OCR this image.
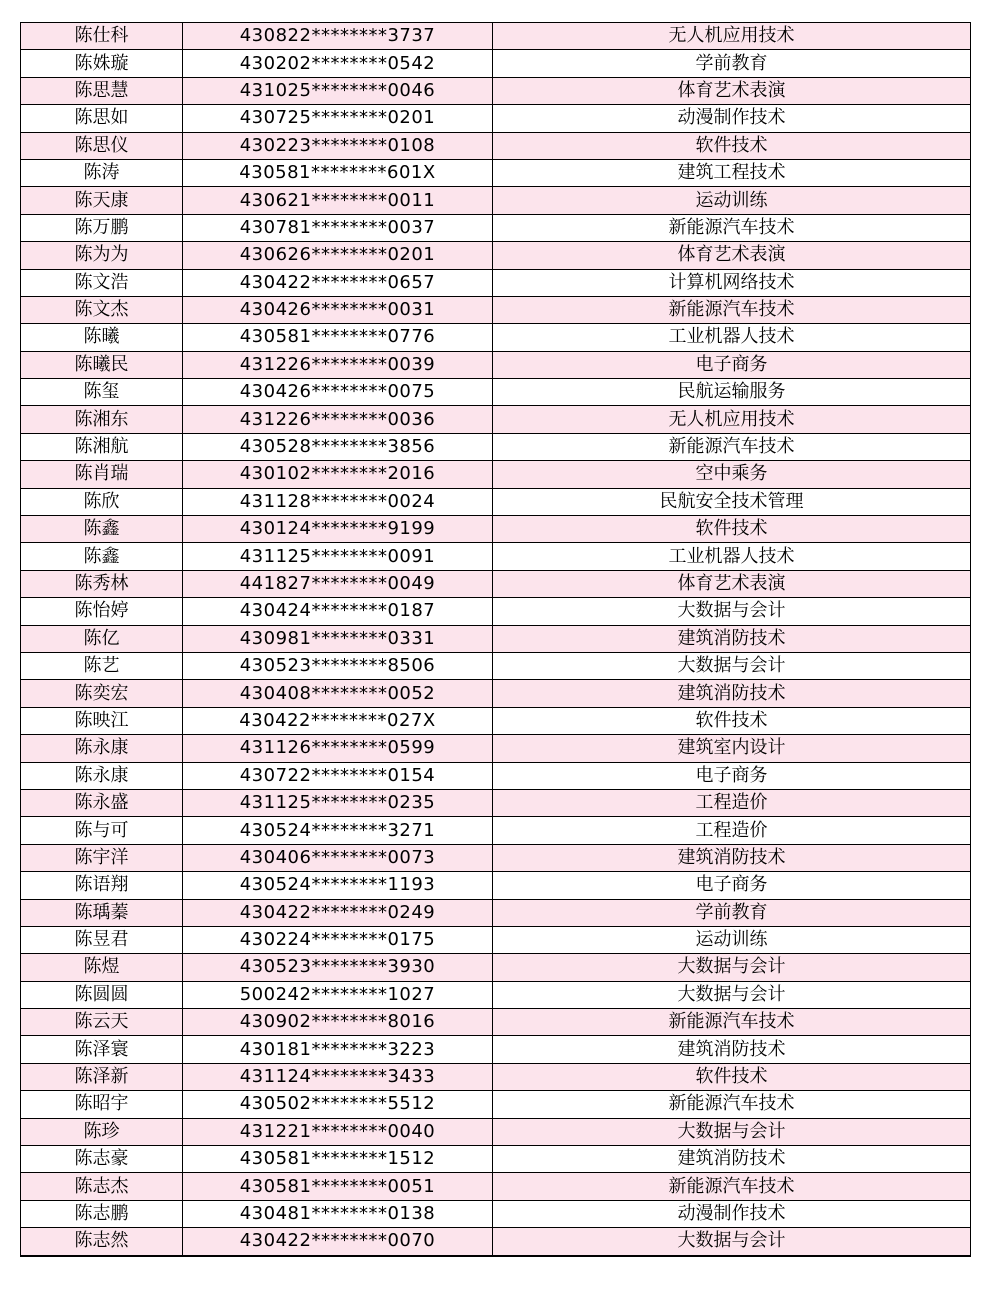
陈仕科	430822********3737	无人机应用技术
陈姝璇	430202********0542	学前教育
陈思慧	431025********0046	体育艺术表演
陈思如	430725********0201	动漫制作技术
陈思仪	430223********0108	软件技术
陈涛	430581********601X	建筑工程技术
陈天康	430621********0011	运动训练
陈万鹏	430781********0037	新能源汽车技术
陈为为	430626********0201	体育艺术表演
陈文浩	430422********0657	计算机网络技术
陈文杰	430426********0031	新能源汽车技术
陈曦	430581********0776	工业机器人技术
陈曦民	431226********0039	电子商务
陈玺	430426********0075	民航运输服务
陈湘东	431226********0036	无人机应用技术
陈湘航	430528********3856	新能源汽车技术
陈肖瑞	430102********2016	空中乘务
陈欣	431128********0024	民航安全技术管理
陈鑫	430124********9199	软件技术
陈鑫	431125********0091	工业机器人技术
陈秀林	441827********0049	体育艺术表演
陈怡婷	430424********0187	大数据与会计
陈亿	430981********0331	建筑消防技术
陈艺	430523********8506	大数据与会计
陈奕宏	430408********0052	建筑消防技术
陈映江	430422********027X	软件技术
陈永康	431126********0599	建筑室内设计
陈永康	430722********0154	电子商务
陈永盛	431125********0235	工程造价
陈与可	430524********3271	工程造价
陈宇洋	430406********0073	建筑消防技术
陈语翔	430524********1193	电子商务
陈瑀蓁	430422********0249	学前教育
陈昱君	430224********0175	运动训练
陈煜	430523********3930	大数据与会计
陈圆圆	500242********1027	大数据与会计
陈云天	430902********8016	新能源汽车技术
陈泽寰	430181********3223	建筑消防技术
陈泽新	431124********3433	软件技术
陈昭宇	430502********5512	新能源汽车技术
陈珍	431221********0040	大数据与会计
陈志豪	430581********1512	建筑消防技术
陈志杰	430581********0051	新能源汽车技术
陈志鹏	430481********0138	动漫制作技术
陈志然	430422********0070	大数据与会计
